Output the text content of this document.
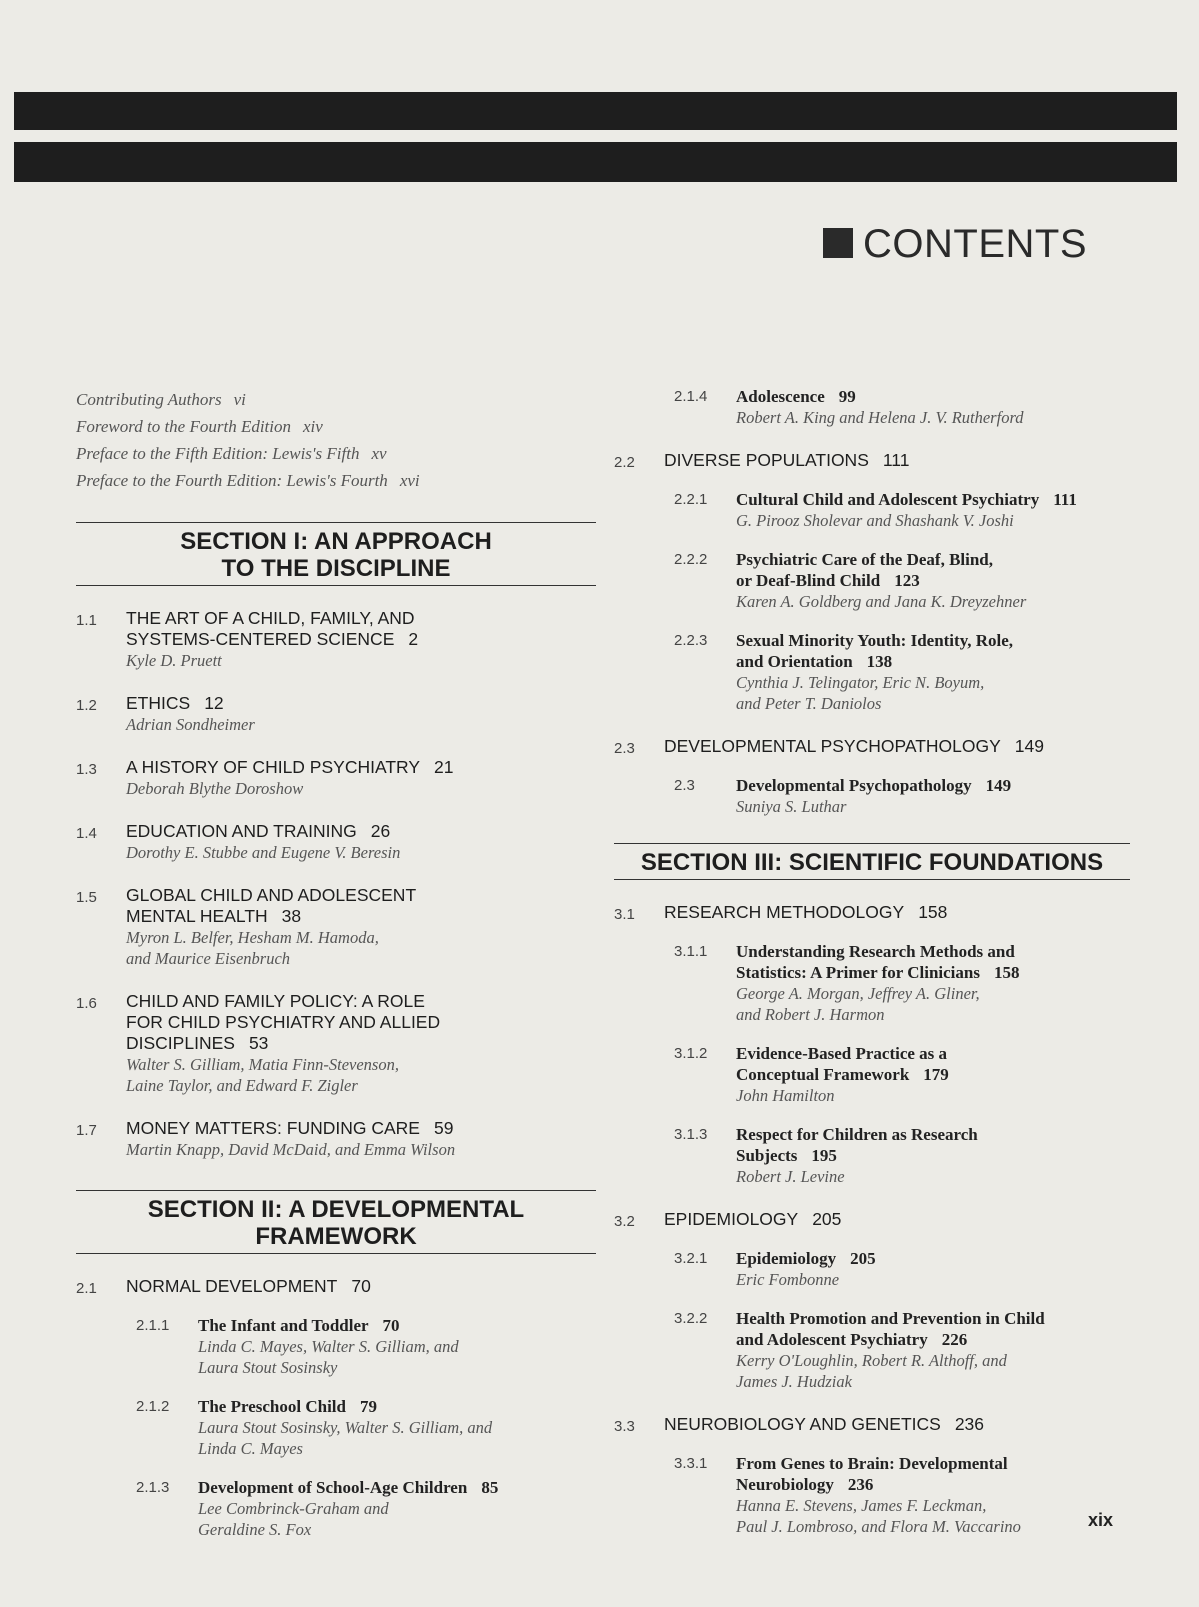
CONTENTS
Contributing Authors vi
Foreword to the Fourth Edition xiv
Preface to the Fifth Edition: Lewis's Fifth xv
Preface to the Fourth Edition: Lewis's Fourth xvi
SECTION I: AN APPROACH
TO THE DISCIPLINE
1.1	THE ART OF A CHILD, FAMILY, AND
SYSTEMS-CENTERED SCIENCE 2
Kyle D. Pruett
1.2	ETHICS 12
Adrian Sondheimer
1.3	A HISTORY OF CHILD PSYCHIATRY 21
Deborah Blythe Doroshow
1.4	EDUCATION AND TRAINING 26
Dorothy E. Stubbe and Eugene V. Beresin
1.5	GLOBAL CHILD AND ADOLESCENT
MENTAL HEALTH 38
Myron L. Belfer, Hesham M. Hamoda,
and Maurice Eisenbruch
1.6	CHILD AND FAMILY POLICY: A ROLE
FOR CHILD PSYCHIATRY AND ALLIED
DISCIPLINES 53
Walter S. Gilliam, Matia Finn-Stevenson,
Laine Taylor, and Edward F. Zigler
1.7	MONEY MATTERS: FUNDING CARE 59
Martin Knapp, David McDaid, and Emma Wilson
SECTION II: A DEVELOPMENTAL
FRAMEWORK
2.1	NORMAL DEVELOPMENT 70
2.1.1	The Infant and Toddler 70
Linda C. Mayes, Walter S. Gilliam, and
Laura Stout Sosinsky
2.1.2	The Preschool Child 79
Laura Stout Sosinsky, Walter S. Gilliam, and
Linda C. Mayes
2.1.3	Development of School-Age Children 85
Lee Combrinck-Graham and
Geraldine S. Fox
2.1.4	Adolescence 99
Robert A. King and Helena J. V. Rutherford
2.2	DIVERSE POPULATIONS 111
2.2.1	Cultural Child and Adolescent Psychiatry 111
G. Pirooz Sholevar and Shashank V. Joshi
2.2.2	Psychiatric Care of the Deaf, Blind,
or Deaf-Blind Child 123
Karen A. Goldberg and Jana K. Dreyzehner
2.2.3	Sexual Minority Youth: Identity, Role,
and Orientation 138
Cynthia J. Telingator, Eric N. Boyum,
and Peter T. Daniolos
2.3	DEVELOPMENTAL PSYCHOPATHOLOGY 149
2.3	Developmental Psychopathology 149
Suniya S. Luthar
SECTION III: SCIENTIFIC FOUNDATIONS
3.1	RESEARCH METHODOLOGY 158
3.1.1	Understanding Research Methods and
Statistics: A Primer for Clinicians 158
George A. Morgan, Jeffrey A. Gliner,
and Robert J. Harmon
3.1.2	Evidence-Based Practice as a
Conceptual Framework 179
John Hamilton
3.1.3	Respect for Children as Research
Subjects 195
Robert J. Levine
3.2	EPIDEMIOLOGY 205
3.2.1	Epidemiology 205
Eric Fombonne
3.2.2	Health Promotion and Prevention in Child
and Adolescent Psychiatry 226
Kerry O'Loughlin, Robert R. Althoff, and
James J. Hudziak
3.3	NEUROBIOLOGY AND GENETICS 236
3.3.1	From Genes to Brain: Developmental
Neurobiology 236
Hanna E. Stevens, James F. Leckman,
Paul J. Lombroso, and Flora M. Vaccarino	xix
